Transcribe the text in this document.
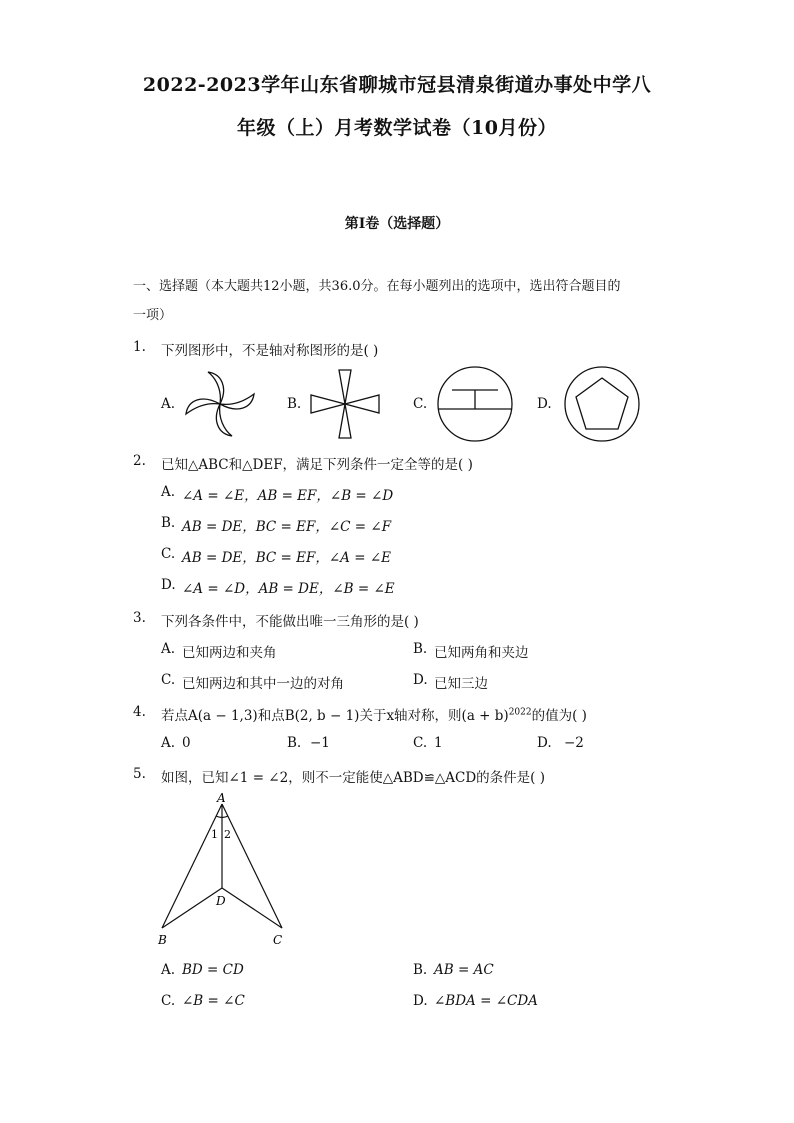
2022-2023学年山东省聊城市冠县清泉街道办事处中学八
年级（上）月考数学试卷（10月份）
第I卷（选择题）
一、选择题（本大题共12小题，共36.0分。在每小题列出的选项中，选出符合题目的
一项）
1. 下列图形中，不是轴对称图形的是( )
A.	B.	C.	D.
2. 已知△ABC和△DEF，满足下列条件一定全等的是( )
A. ∠A = ∠E，AB = EF，∠B = ∠D
B. AB = DE，BC = EF，∠C = ∠F
C. AB = DE，BC = EF，∠A = ∠E
D. ∠A = ∠D，AB = DE，∠B = ∠E
3. 下列各条件中，不能做出唯一三角形的是( )
A. 已知两边和夹角	B. 已知两角和夹边
C. 已知两边和其中一边的对角	D. 已知三边
4. 若点A(a − 1,3)和点B(2, b − 1)关于x轴对称，则$(a + b)^{2022}$的值为( )
A. 0	B. −1	C. 1	D. −2
5. 如图，已知∠1 = ∠2，则不一定能使△ABD≌△ACD的条件是( )
A
1 2
D
B	C
A. BD = CD	B. AB = AC
C. ∠B = ∠C	D. ∠BDA = ∠CDA
